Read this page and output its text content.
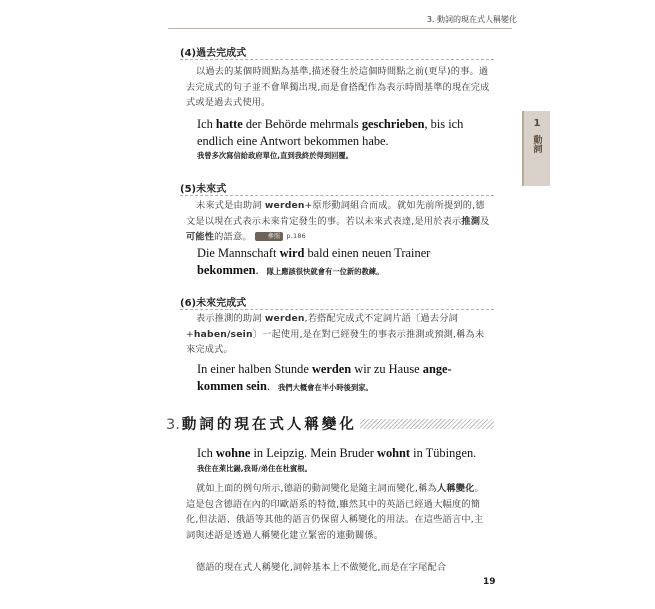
3. 動詞的現在式人稱變化
1
動詞
(4)過去完成式
以過去的某個時間點為基準,描述發生於這個時間點之前(更早)的事。過去完成式的句子並不會單獨出現,而是會搭配作為表示時間基準的現在完成式或是過去式使用。
Ich hatte der Behörde mehrmals geschrieben, bis ich endlich eine Antwort bekommen habe.
我曾多次寫信給政府單位,直到我終於得到回覆。
(5)未來式
未來式是由助詞 werden+原形動詞組合而成。就如先前所提到的,德文是以現在式表示未來肯定發生的事。若以未來式表達,是用於表示推測及可能性的語意。	參照 p.186
Die Mannschaft wird bald einen neuen Trainer bekommen. 隊上應該很快就會有一位新的教練。
(6)未來完成式
表示推測的助詞 werden,若搭配完成式不定詞片語〔過去分詞+haben/sein〕一起使用,是在對已經發生的事表示推測或預測,稱為未來完成式。
In einer halben Stunde werden wir zu Hause ange-kommen sein. 我們大概會在半小時後到家。
3. 動詞的現在式人稱變化
Ich wohne in Leipzig. Mein Bruder wohnt in Tübingen.
我住在萊比錫,我哥/弟住在杜賓根。
就如上面的例句所示,德語的動詞變化是隨主詞而變化,稱為人稱變化。這是包含德語在內的印歐語系的特徵,雖然其中的英語已經過大幅度的簡化,但法語、俄語等其他的語言仍保留人稱變化的用法。在這些語言中,主詞與述語是透過人稱變化建立緊密的連動關係。
德語的現在式人稱變化,詞幹基本上不做變化,而是在字尾配合
19
